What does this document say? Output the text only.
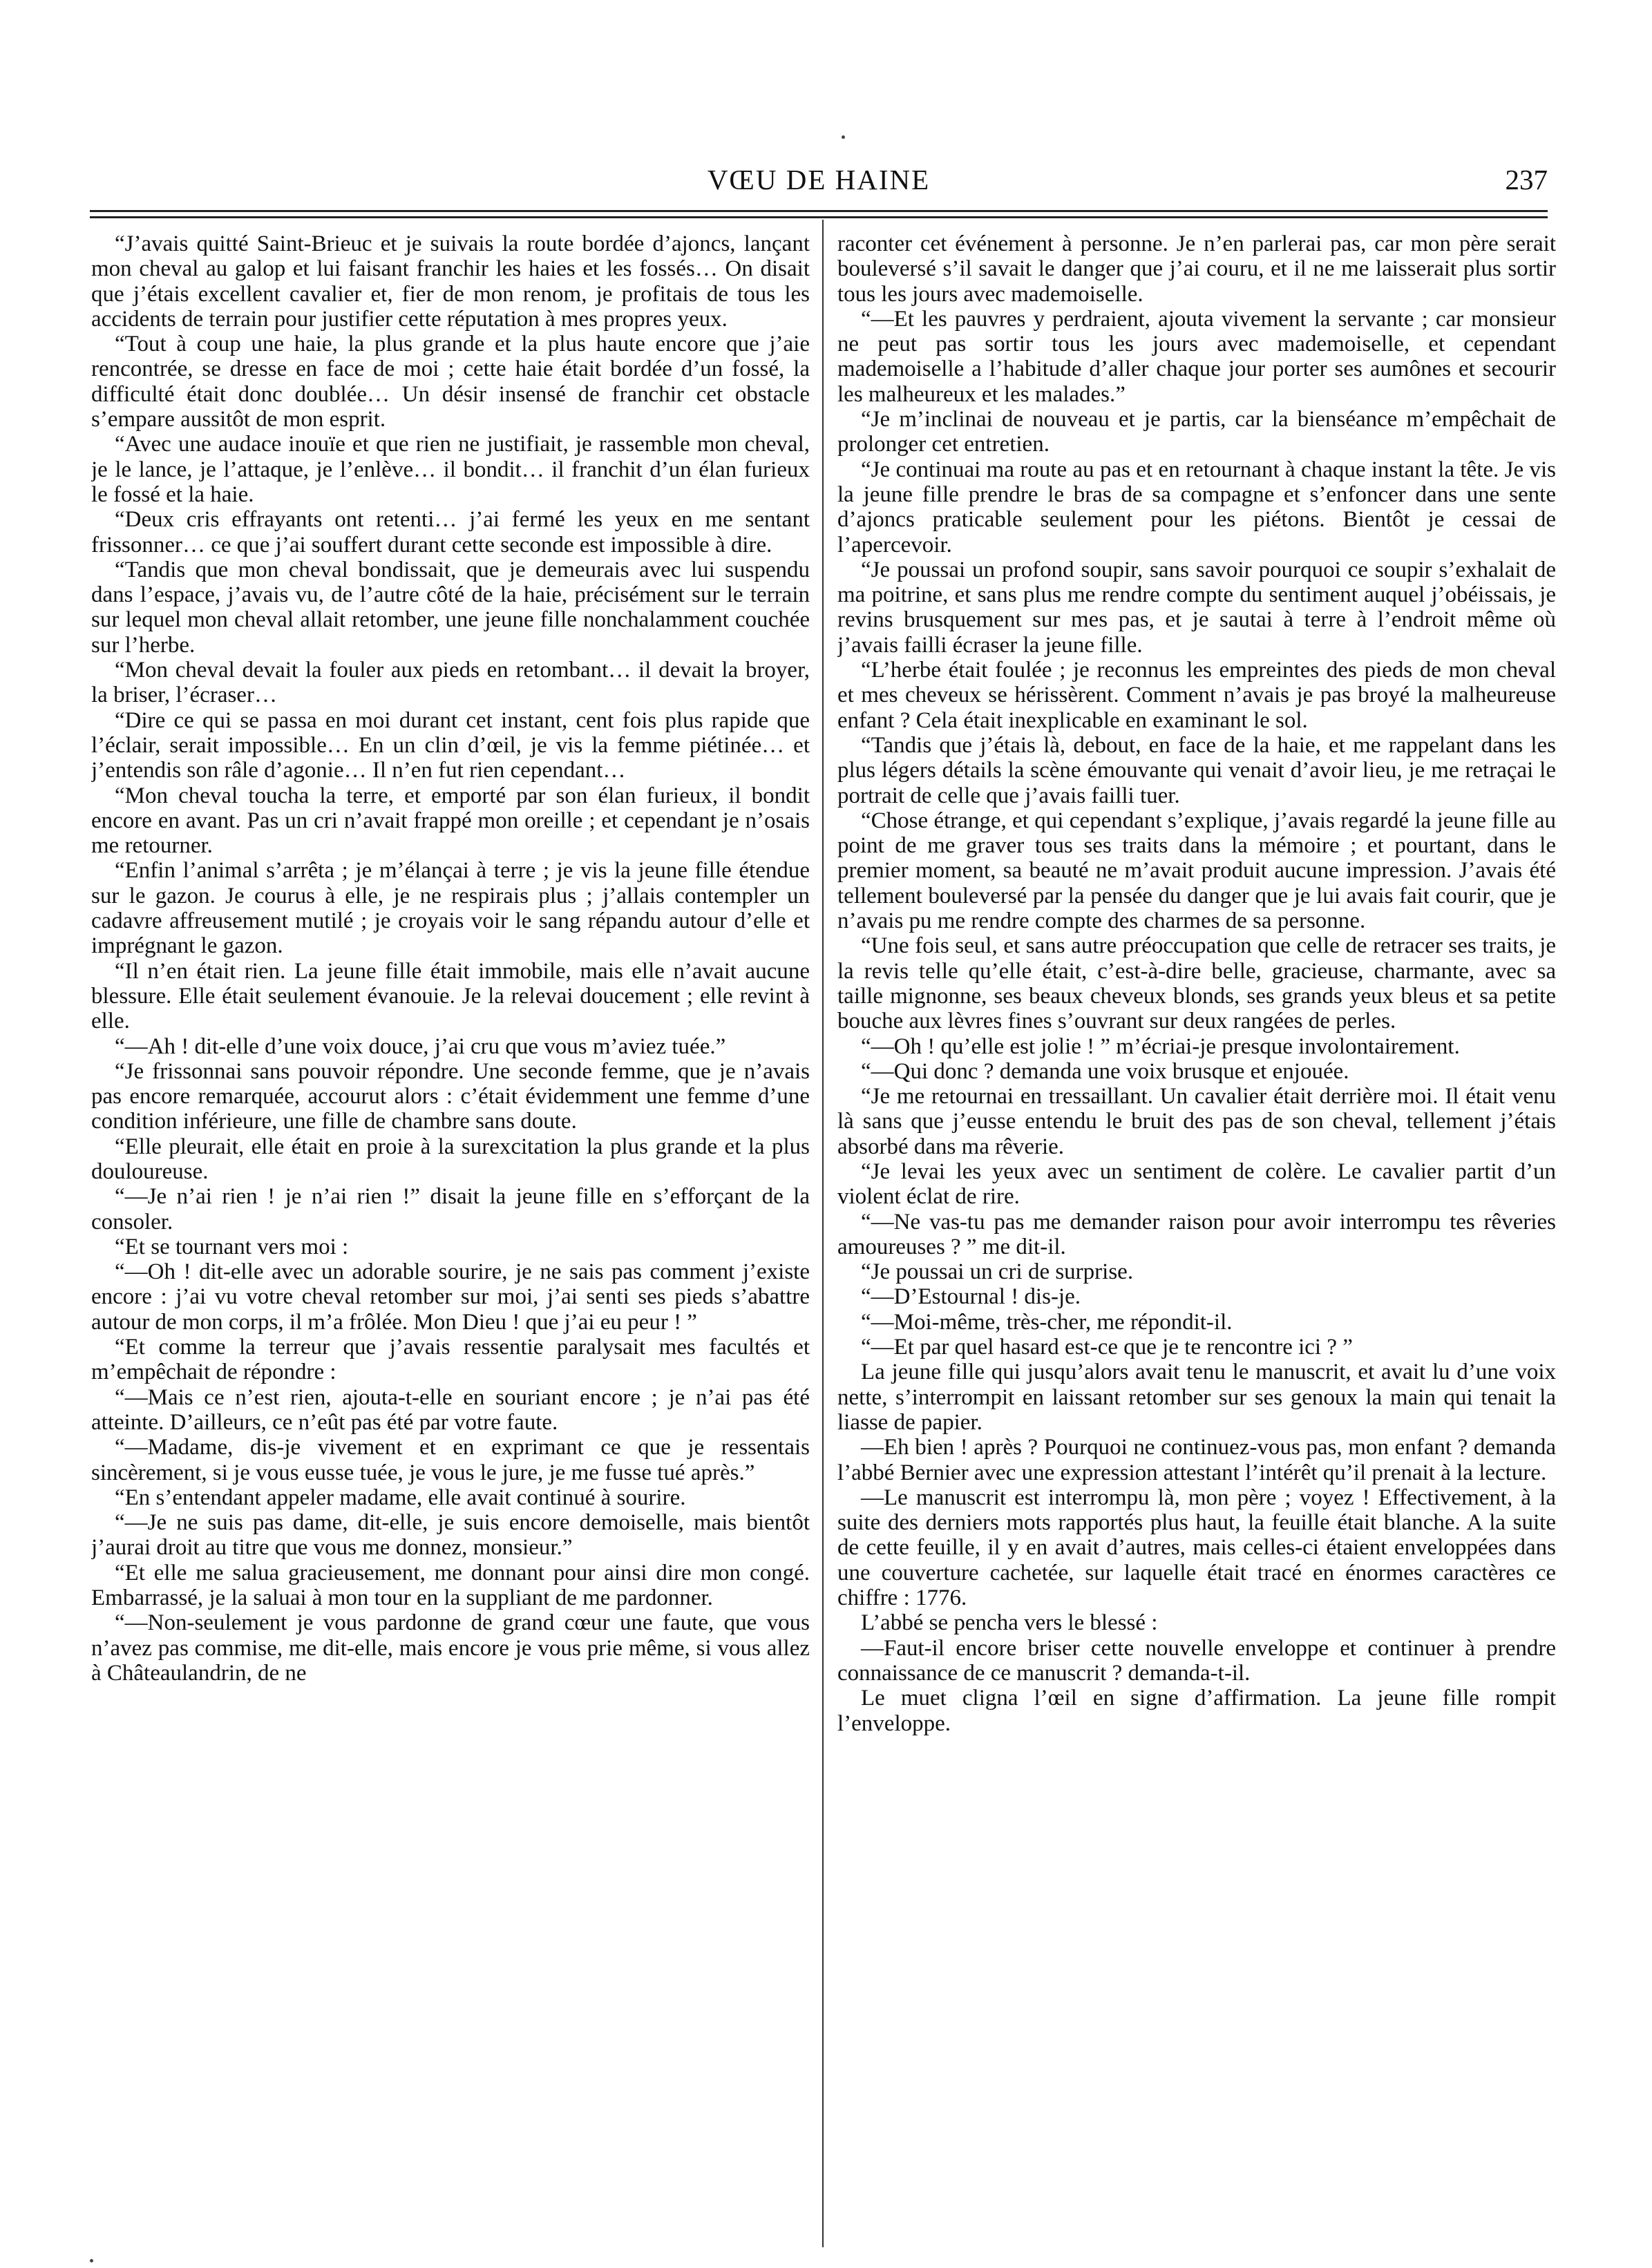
VŒU DE HAINE	237

“J’avais quitté Saint-Brieuc et je suivais la route bordée d’ajoncs, lançant mon cheval au galop et lui faisant franchir les haies et les fossés… On disait que j’étais excellent cavalier et, fier de mon renom, je profitais de tous les accidents de terrain pour justifier cette réputation à mes propres yeux.

“Tout à coup une haie, la plus grande et la plus haute encore que j’aie rencontrée, se dresse en face de moi ; cette haie était bordée d’un fossé, la difficulté était donc doublée… Un désir insensé de franchir cet obstacle s’empare aussitôt de mon esprit.

“Avec une audace inouïe et que rien ne justifiait, je rassemble mon cheval, je le lance, je l’attaque, je l’enlève… il bondit… il franchit d’un élan furieux le fossé et la haie.

“Deux cris effrayants ont retenti… j’ai fermé les yeux en me sentant frissonner… ce que j’ai souffert durant cette seconde est impossible à dire.

“Tandis que mon cheval bondissait, que je demeurais avec lui suspendu dans l’espace, j’avais vu, de l’autre côté de la haie, précisément sur le terrain sur lequel mon cheval allait retomber, une jeune fille nonchalamment couchée sur l’herbe.

“Mon cheval devait la fouler aux pieds en retombant… il devait la broyer, la briser, l’écraser…

“Dire ce qui se passa en moi durant cet instant, cent fois plus rapide que l’éclair, serait impossible… En un clin d’œil, je vis la femme piétinée… et j’entendis son râle d’agonie… Il n’en fut rien cependant…

“Mon cheval toucha la terre, et emporté par son élan furieux, il bondit encore en avant. Pas un cri n’avait frappé mon oreille ; et cependant je n’osais me retourner.

“Enfin l’animal s’arrêta ; je m’élançai à terre ; je vis la jeune fille étendue sur le gazon. Je courus à elle, je ne respirais plus ; j’allais contempler un cadavre affreusement mutilé ; je croyais voir le sang répandu autour d’elle et imprégnant le gazon.

“Il n’en était rien. La jeune fille était immobile, mais elle n’avait aucune blessure. Elle était seulement évanouie. Je la relevai doucement ; elle revint à elle.

“—Ah ! dit-elle d’une voix douce, j’ai cru que vous m’aviez tuée.”

“Je frissonnai sans pouvoir répondre. Une seconde femme, que je n’avais pas encore remarquée, accourut alors : c’était évidemment une femme d’une condition inférieure, une fille de chambre sans doute.

“Elle pleurait, elle était en proie à la surexcitation la plus grande et la plus douloureuse.

“—Je n’ai rien ! je n’ai rien !” disait la jeune fille en s’efforçant de la consoler.

“Et se tournant vers moi :

“—Oh ! dit-elle avec un adorable sourire, je ne sais pas comment j’existe encore : j’ai vu votre cheval retomber sur moi, j’ai senti ses pieds s’abattre autour de mon corps, il m’a frôlée. Mon Dieu ! que j’ai eu peur ! ”

“Et comme la terreur que j’avais ressentie paralysait mes facultés et m’empêchait de répondre :

“—Mais ce n’est rien, ajouta-t-elle en souriant encore ; je n’ai pas été atteinte. D’ailleurs, ce n’eût pas été par votre faute.

“—Madame, dis-je vivement et en exprimant ce que je ressentais sincèrement, si je vous eusse tuée, je vous le jure, je me fusse tué après.”

“En s’entendant appeler madame, elle avait continué à sourire.

“—Je ne suis pas dame, dit-elle, je suis encore demoiselle, mais bientôt j’aurai droit au titre que vous me donnez, monsieur.”

“Et elle me salua gracieusement, me donnant pour ainsi dire mon congé. Embarrassé, je la saluai à mon tour en la suppliant de me pardonner.

“—Non-seulement je vous pardonne de grand cœur une faute, que vous n’avez pas commise, me dit-elle, mais encore je vous prie même, si vous allez à Châteaulandrin, de ne

raconter cet événement à personne. Je n’en parlerai pas, car mon père serait bouleversé s’il savait le danger que j’ai couru, et il ne me laisserait plus sortir tous les jours avec mademoiselle.

“—Et les pauvres y perdraient, ajouta vivement la servante ; car monsieur ne peut pas sortir tous les jours avec mademoiselle, et cependant mademoiselle a l’habitude d’aller chaque jour porter ses aumônes et secourir les malheureux et les malades.”

“Je m’inclinai de nouveau et je partis, car la bienséance m’empêchait de prolonger cet entretien.

“Je continuai ma route au pas et en retournant à chaque instant la tête. Je vis la jeune fille prendre le bras de sa compagne et s’enfoncer dans une sente d’ajoncs praticable seulement pour les piétons. Bientôt je cessai de l’apercevoir.

“Je poussai un profond soupir, sans savoir pourquoi ce soupir s’exhalait de ma poitrine, et sans plus me rendre compte du sentiment auquel j’obéissais, je revins brusquement sur mes pas, et je sautai à terre à l’endroit même où j’avais failli écraser la jeune fille.

“L’herbe était foulée ; je reconnus les empreintes des pieds de mon cheval et mes cheveux se hérissèrent. Comment n’avais je pas broyé la malheureuse enfant ? Cela était inexplicable en examinant le sol.

“Tandis que j’étais là, debout, en face de la haie, et me rappelant dans les plus légers détails la scène émouvante qui venait d’avoir lieu, je me retraçai le portrait de celle que j’avais failli tuer.

“Chose étrange, et qui cependant s’explique, j’avais regardé la jeune fille au point de me graver tous ses traits dans la mémoire ; et pourtant, dans le premier moment, sa beauté ne m’avait produit aucune impression. J’avais été tellement bouleversé par la pensée du danger que je lui avais fait courir, que je n’avais pu me rendre compte des charmes de sa personne.

“Une fois seul, et sans autre préoccupation que celle de retracer ses traits, je la revis telle qu’elle était, c’est-à-dire belle, gracieuse, charmante, avec sa taille mignonne, ses beaux cheveux blonds, ses grands yeux bleus et sa petite bouche aux lèvres fines s’ouvrant sur deux rangées de perles.

“—Oh ! qu’elle est jolie ! ” m’écriai-je presque involontairement.

“—Qui donc ? demanda une voix brusque et enjouée.

“Je me retournai en tressaillant. Un cavalier était derrière moi. Il était venu là sans que j’eusse entendu le bruit des pas de son cheval, tellement j’étais absorbé dans ma rêverie.

“Je levai les yeux avec un sentiment de colère. Le cavalier partit d’un violent éclat de rire.

“—Ne vas-tu pas me demander raison pour avoir interrompu tes rêveries amoureuses ? ” me dit-il.

“Je poussai un cri de surprise.

“—D’Estournal ! dis-je.

“—Moi-même, très-cher, me répondit-il.

“—Et par quel hasard est-ce que je te rencontre ici ? ”

La jeune fille qui jusqu’alors avait tenu le manuscrit, et avait lu d’une voix nette, s’interrompit en laissant retomber sur ses genoux la main qui tenait la liasse de papier.

—Eh bien ! après ? Pourquoi ne continuez-vous pas, mon enfant ? demanda l’abbé Bernier avec une expression attestant l’intérêt qu’il prenait à la lecture.

—Le manuscrit est interrompu là, mon père ; voyez ! Effectivement, à la suite des derniers mots rapportés plus haut, la feuille était blanche. A la suite de cette feuille, il y en avait d’autres, mais celles-ci étaient enveloppées dans une couverture cachetée, sur laquelle était tracé en énormes caractères ce chiffre : 1776.

L’abbé se pencha vers le blessé :

—Faut-il encore briser cette nouvelle enveloppe et continuer à prendre connaissance de ce manuscrit ? demanda-t-il.

Le muet cligna l’œil en signe d’affirmation. La jeune fille rompit l’enveloppe.
